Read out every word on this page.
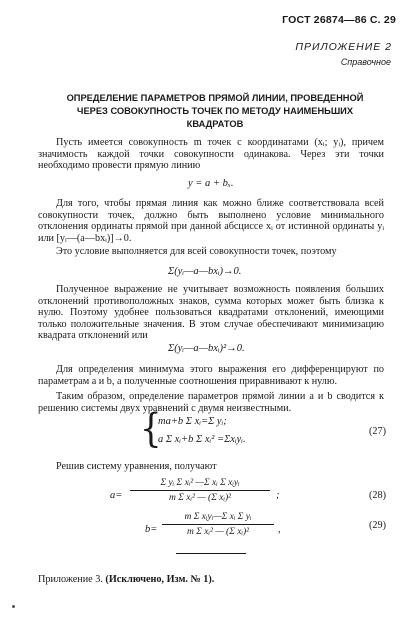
ГОСТ 26874—86 С. 29
ПРИЛОЖЕНИЕ 2
Справочное
ОПРЕДЕЛЕНИЕ ПАРАМЕТРОВ ПРЯМОЙ ЛИНИИ, ПРОВЕДЕННОЙ ЧЕРЕЗ СОВОКУПНОСТЬ ТОЧЕК ПО МЕТОДУ НАИМЕНЬШИХ КВАДРАТОВ
Пусть имеется совокупность m точек с координатами (xᵢ; yᵢ), причем значимость каждой точки совокупности одинакова. Через эти точки необходимо провести прямую линию
y = a + bₓ.
Для того, чтобы прямая линия как можно ближе соответствовала всей совокупности точек, должно быть выполнено условие минимального отклонения ординаты прямой при данной абсциссе xᵢ от истинной ординаты yᵢ или [yᵢ—(a—bxᵢ)]→0.
Это условие выполняется для всей совокупности точек, поэтому
Σ(yᵢ—a—bxᵢ)→0.
Полученное выражение не учитывает возможность появления больших отклонений противоположных знаков, сумма которых может быть близка к нулю. Поэтому удобнее пользоваться квадратами отклонений, имеющими только положительные значения. В этом случае обеспечивают минимизацию квадрата отклонений или
Σ(yᵢ—a—bxᵢ)²→0.
Для определения минимума этого выражения его дифференцируют по параметрам a и b, а полученные соотношения приравнивают к нулю.
Таким образом, определение параметров прямой линии a и b сводится к решению системы двух уравнений с двумя неизвестными.
{
ma+b Σ xᵢ=Σ yᵢ;
a Σ xᵢ+b Σ xᵢ² =Σxᵢyᵢ.
(27)
Решив систему уравнения, получают
a=
Σ yᵢ Σ xᵢ² —Σ xᵢ Σ xᵢyᵢ
m Σ xᵢ² — (Σ xᵢ)²	;	(28)
b=
m Σ xᵢyᵢ—Σ xᵢ Σ yᵢ
m Σ xᵢ² — (Σ xᵢ)²	,	(29)
Приложение 3. (Исключено, Изм. № 1).
